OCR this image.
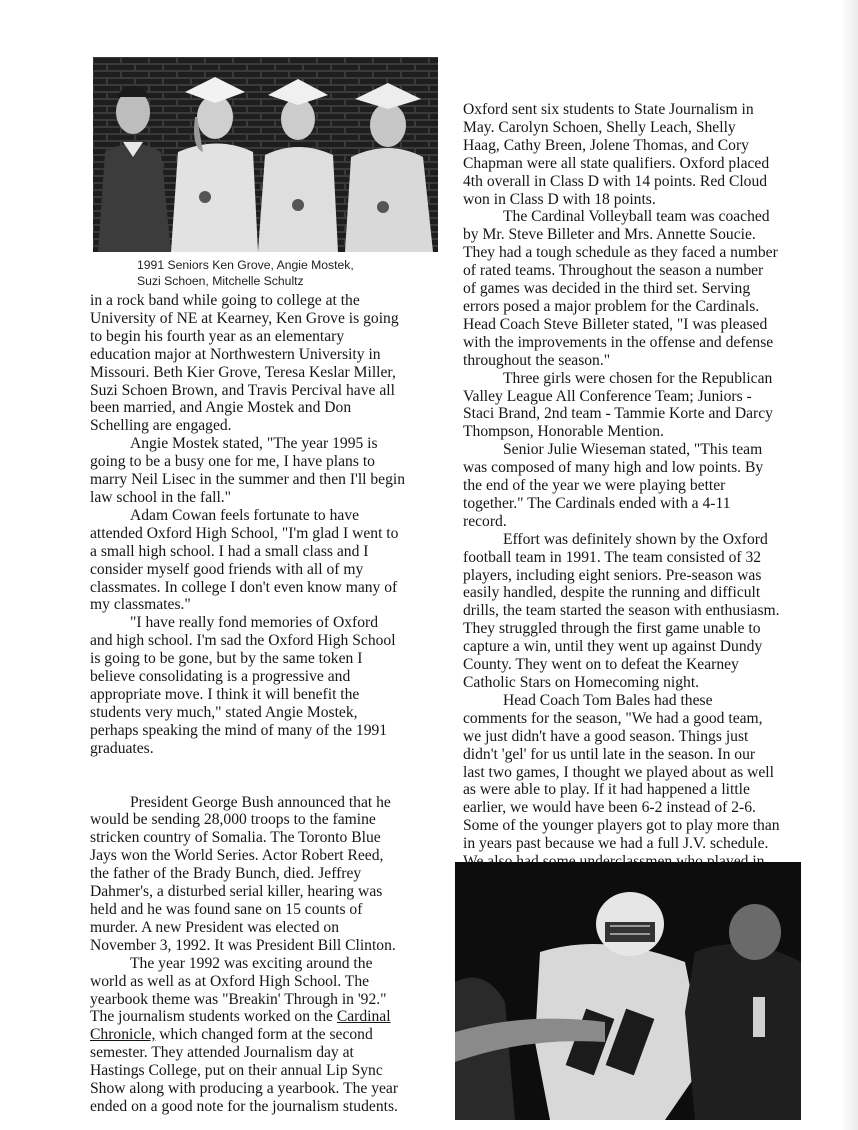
1991 Seniors Ken Grove, Angie Mostek,
Suzi Schoen, Mitchelle Schultz

in a rock band while going to college at the
University of NE at Kearney, Ken Grove is going
to begin his fourth year as an elementary
education major at Northwestern University in
Missouri. Beth Kier Grove, Teresa Keslar Miller,
Suzi Schoen Brown, and Travis Percival have all
been married, and Angie Mostek and Don
Schelling are engaged.

Angie Mostek stated, "The year 1995 is
going to be a busy one for me, I have plans to
marry Neil Lisec in the summer and then I'll begin
law school in the fall."

Adam Cowan feels fortunate to have
attended Oxford High School, "I'm glad I went to
a small high school. I had a small class and I
consider myself good friends with all of my
classmates. In college I don't even know many of
my classmates."

"I have really fond memories of Oxford
and high school. I'm sad the Oxford High School
is going to be gone, but by the same token I
believe consolidating is a progressive and
appropriate move. I think it will benefit the
students very much," stated Angie Mostek,
perhaps speaking the mind of many of the 1991
graduates.

President George Bush announced that he
would be sending 28,000 troops to the famine
stricken country of Somalia. The Toronto Blue
Jays won the World Series. Actor Robert Reed,
the father of the Brady Bunch, died. Jeffrey
Dahmer's, a disturbed serial killer, hearing was
held and he was found sane on 15 counts of
murder. A new President was elected on
November 3, 1992. It was President Bill Clinton.

The year 1992 was exciting around the
world as well as at Oxford High School. The
yearbook theme was "Breakin' Through in '92."
The journalism students worked on the Cardinal
Chronicle, which changed form at the second
semester. They attended Journalism day at
Hastings College, put on their annual Lip Sync
Show along with producing a yearbook. The year
ended on a good note for the journalism students.

Oxford sent six students to State Journalism in
May. Carolyn Schoen, Shelly Leach, Shelly
Haag, Cathy Breen, Jolene Thomas, and Cory
Chapman were all state qualifiers. Oxford placed
4th overall in Class D with 14 points. Red Cloud
won in Class D with 18 points.

The Cardinal Volleyball team was coached
by Mr. Steve Billeter and Mrs. Annette Soucie.
They had a tough schedule as they faced a number
of rated teams. Throughout the season a number
of games was decided in the third set. Serving
errors posed a major problem for the Cardinals.
Head Coach Steve Billeter stated, "I was pleased
with the improvements in the offense and defense
throughout the season."

Three girls were chosen for the Republican
Valley League All Conference Team; Juniors -
Staci Brand, 2nd team - Tammie Korte and Darcy
Thompson, Honorable Mention.

Senior Julie Wieseman stated, "This team
was composed of many high and low points. By
the end of the year we were playing better
together." The Cardinals ended with a 4-11
record.

Effort was definitely shown by the Oxford
football team in 1991. The team consisted of 32
players, including eight seniors. Pre-season was
easily handled, despite the running and difficult
drills, the team started the season with enthusiasm.
They struggled through the first game unable to
capture a win, until they went up against Dundy
County. They went on to defeat the Kearney
Catholic Stars on Homecoming night.

Head Coach Tom Bales had these
comments for the season, "We had a good team,
we just didn't have a good season. Things just
didn't 'gel' for us until late in the season. In our
last two games, I thought we played about as well
as were able to play. If it had happened a little
earlier, we would have been 6-2 instead of 2-6.
Some of the younger players got to play more than
in years past because we had a full J.V. schedule.
